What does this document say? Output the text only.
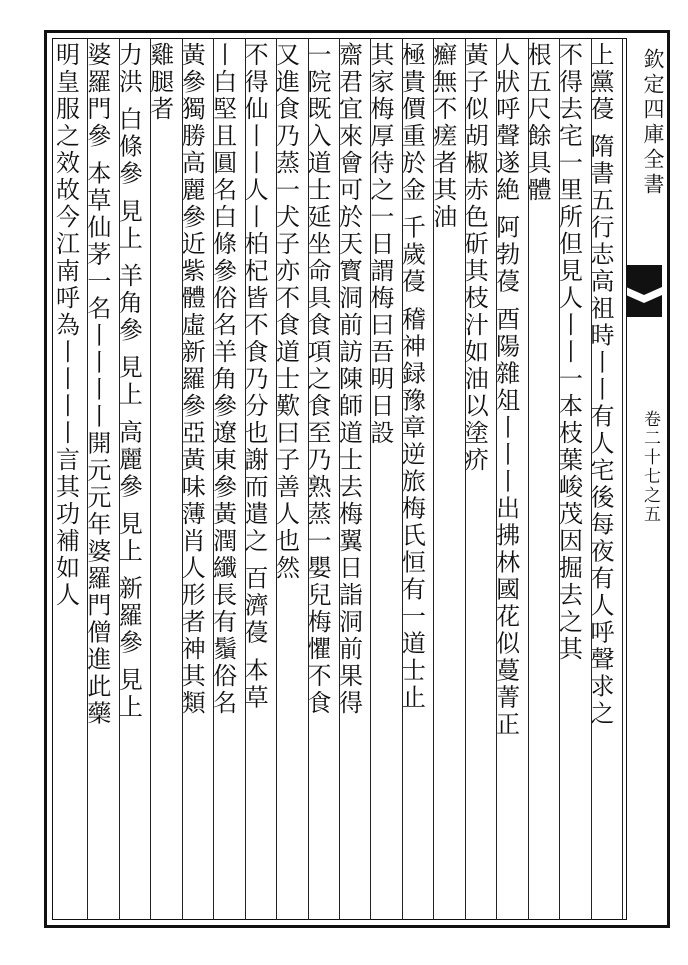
欽定四庫全書
卷二十七之五
上黨葠 隋書五行志高祖時丨丨有人宅後每夜有人呼聲求之
不得去宅一里所但見人丨丨一本枝葉峻茂因掘去之其
根五尺餘具體
人狀呼聲遂絶 阿勃葠 酉陽雜俎丨丨丨出拂林國花似蔓菁正
黃子似胡椒赤色斫其枝汁如油以塗疥
癬無不瘥者其油
極貴價重於金 千歲葠 稽神録豫章逆旅梅氏恒有一道士止
其家梅厚待之一日謂梅曰吾明日設
齋君宜來會可於天寳洞前訪陳師道士去梅翼日詣洞前果得
一院既入道士延坐命具食項之食至乃熟蒸一嬰兒梅懼不食
又進食乃蒸一犬子亦不食道士歎曰子善人也然
不得仙丨丨人丨柏杞皆不食乃分也謝而遣之 百濟葠 本草
丨白堅且圓名白條參俗名羊角參遼東參黃潤纖長有鬚俗名
黃參獨勝高麗參近紫體虛新羅參亞黃味薄肖人形者神其類
雞腿者
力洪 白條參 見上 羊角參 見上 高麗參 見上 新羅參 見上
婆羅門參 本草仙茅一名丨丨丨丨開元元年婆羅門僧進此藥
明皇服之效故今江南呼為丨丨丨丨言其功補如人
